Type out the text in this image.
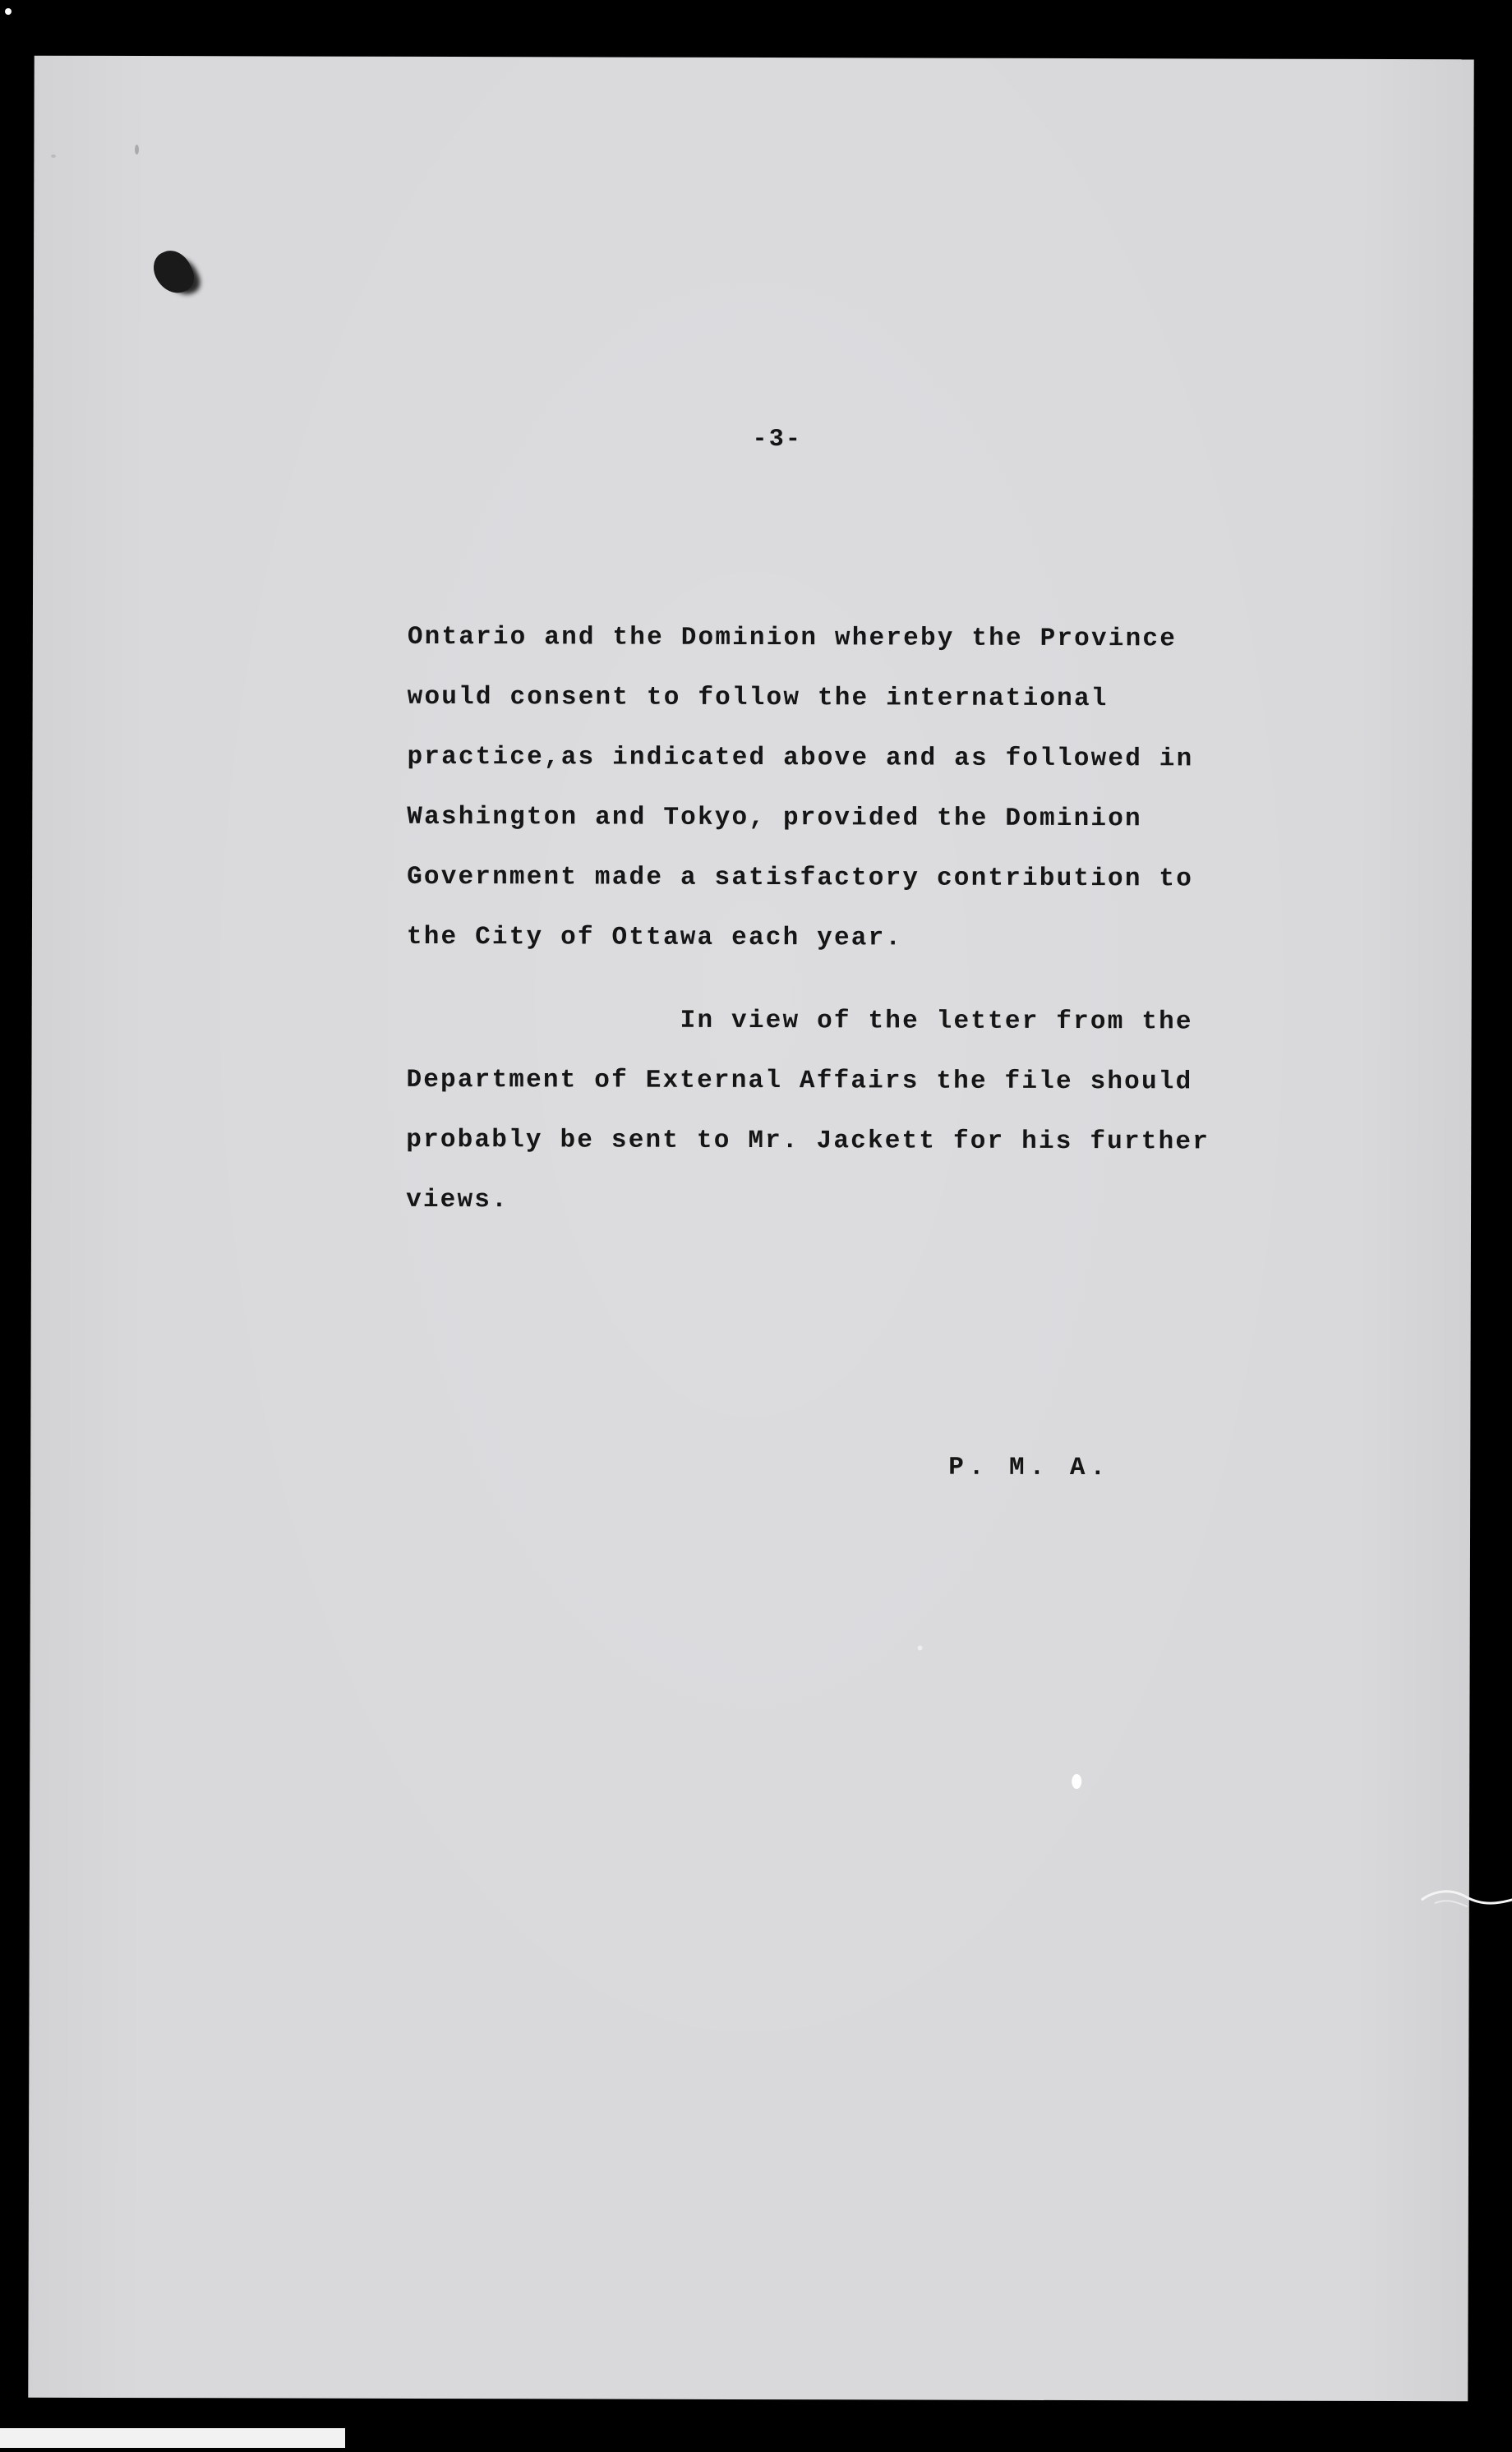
-3-
Ontario and the Dominion whereby the Province
would consent to follow the international
practice,as indicated above and as followed in
Washington and Tokyo, provided the Dominion
Government made a satisfactory contribution to
the City of Ottawa each year.
In view of the letter from the
Department of External Affairs the file should
probably be sent to Mr. Jackett for his further
views.
P. M. A.
